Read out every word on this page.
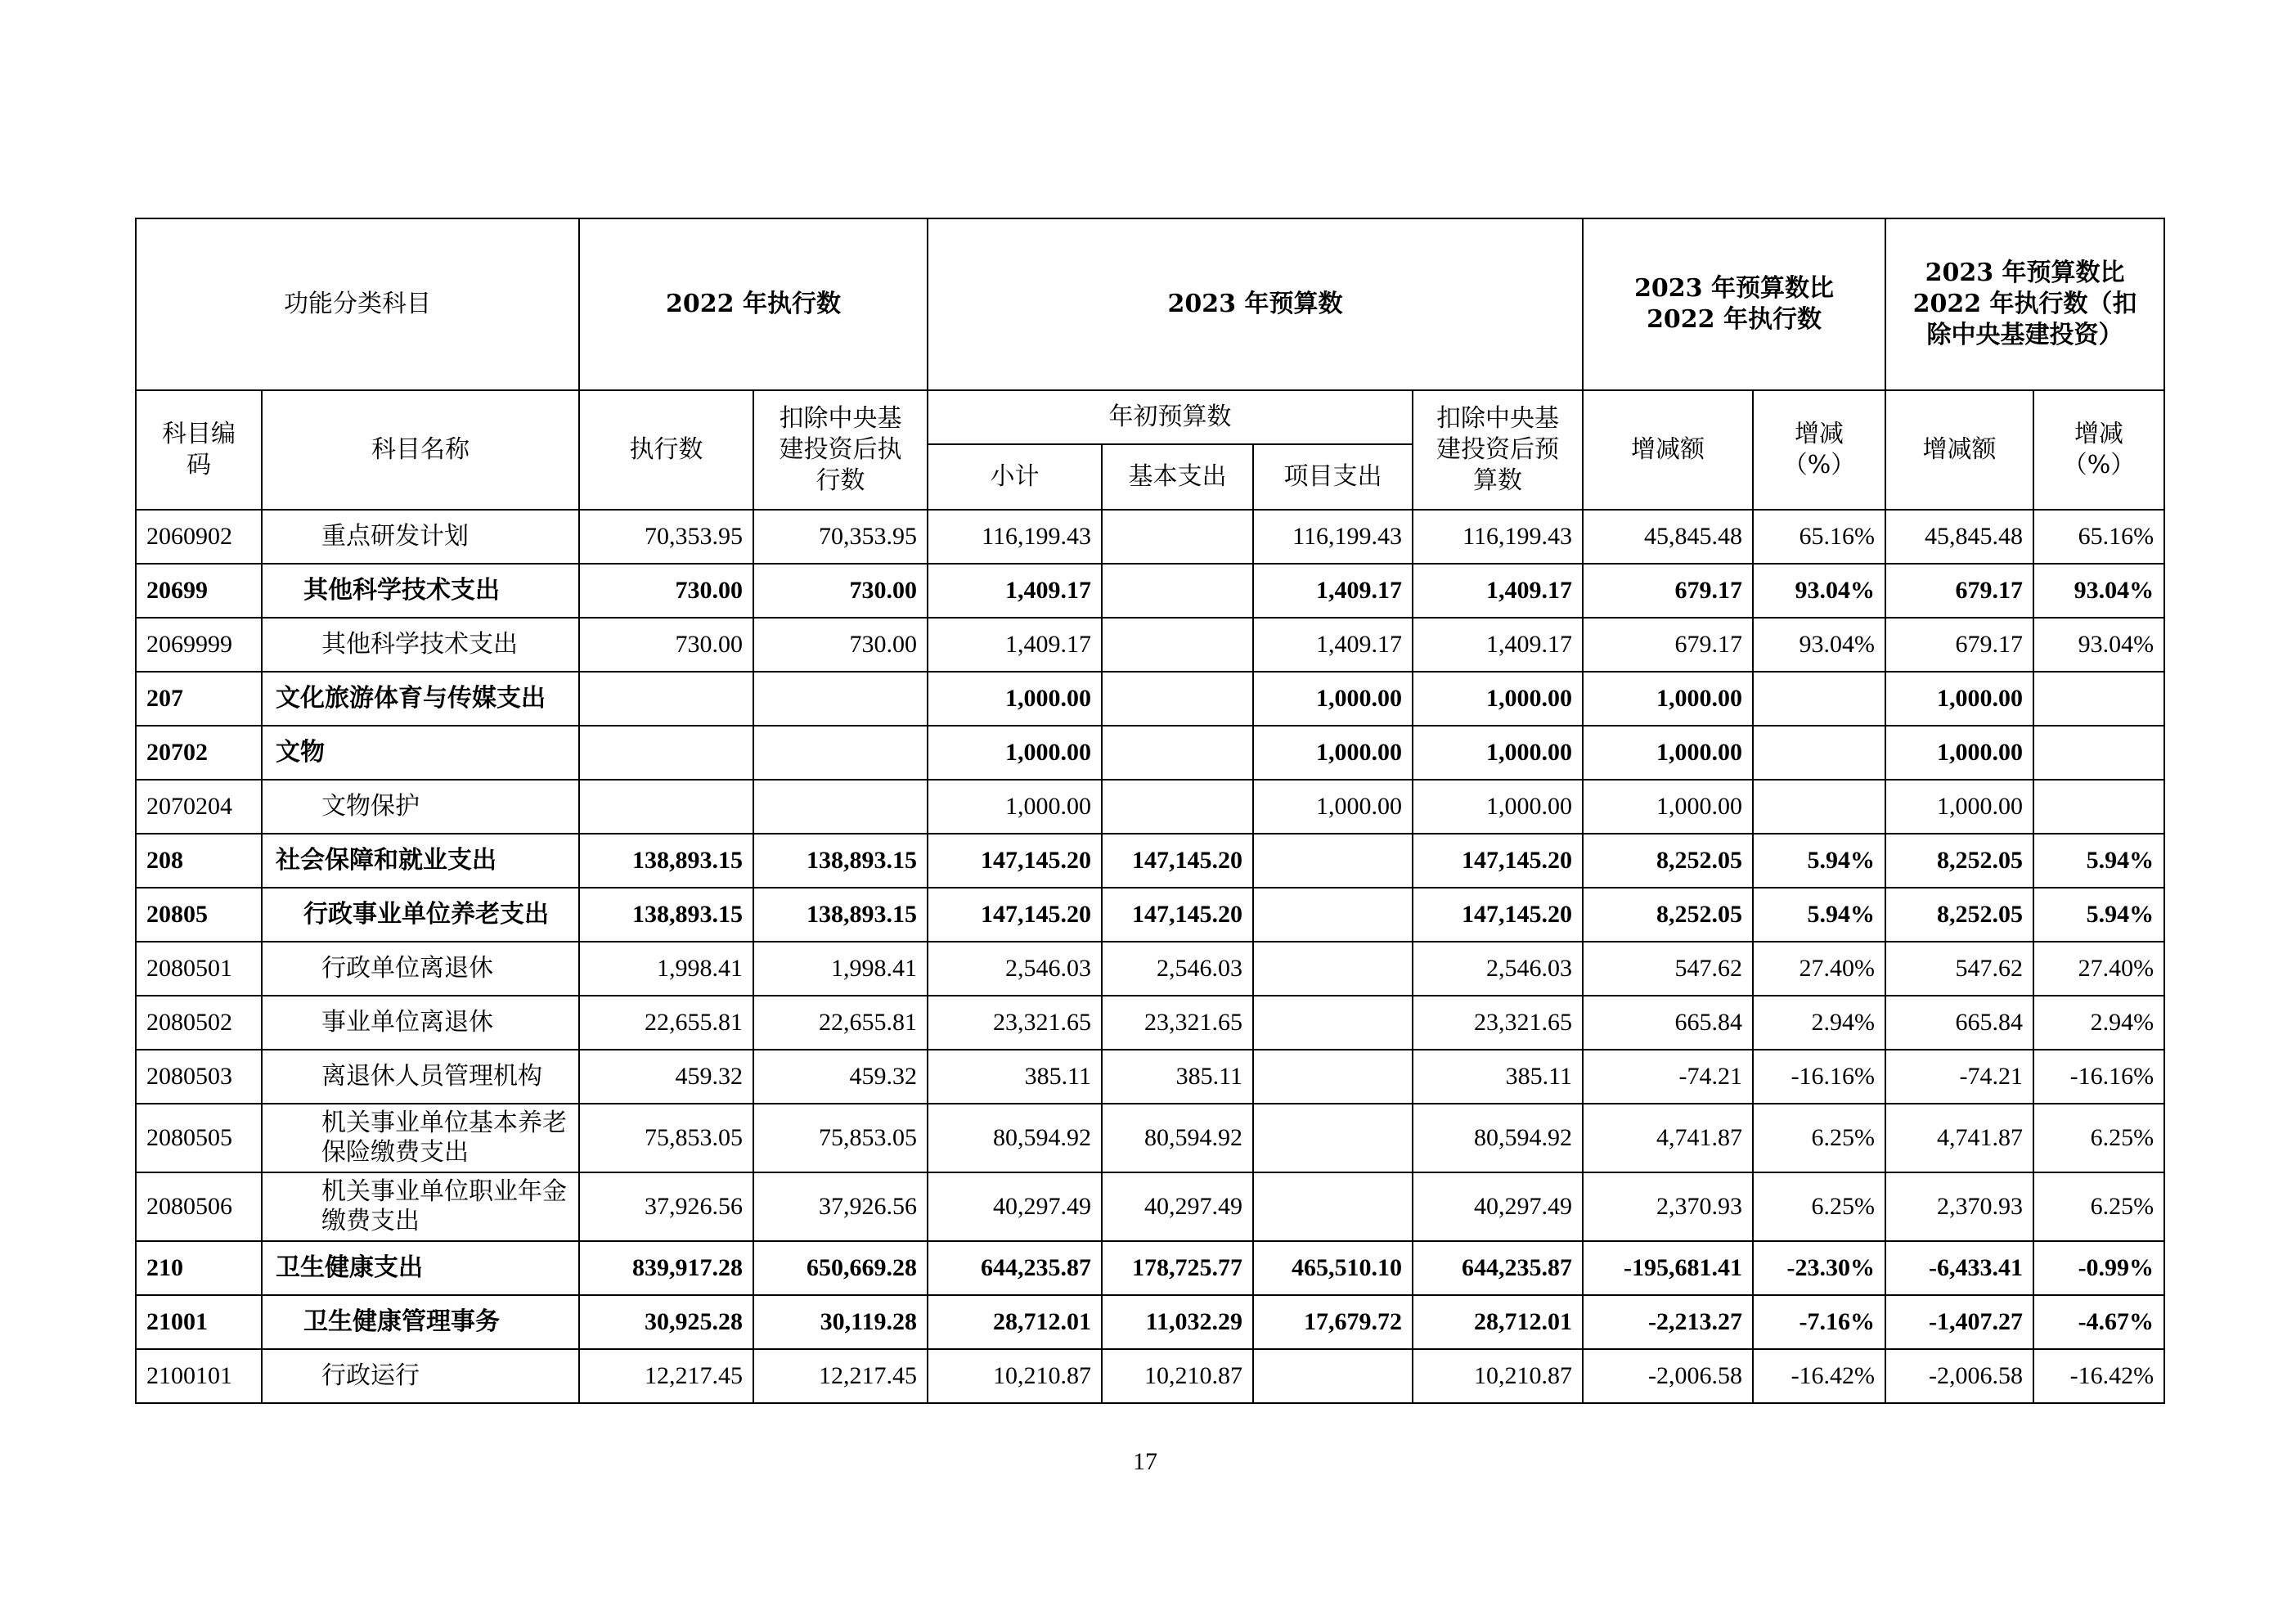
功能分类科目		2022 年执行数		2023 年预算数				2023 年预算数比 2022 年执行数		2023 年预算数比 2022 年执行数（扣除中央基建投资）	
科目编码	科目名称	执行数	扣除中央基建投资后执行数	年初预算数			扣除中央基建投资后预算数	增减额	增减（%）	增减额	增减（%）
				小计	基本支出	项目支出					
2060902	重点研发计划	70,353.95	70,353.95	116,199.43		116,199.43	116,199.43	45,845.48	65.16%	45,845.48	65.16%
20699	其他科学技术支出	730.00	730.00	1,409.17		1,409.17	1,409.17	679.17	93.04%	679.17	93.04%
2069999	其他科学技术支出	730.00	730.00	1,409.17		1,409.17	1,409.17	679.17	93.04%	679.17	93.04%
207	文化旅游体育与传媒支出			1,000.00		1,000.00	1,000.00	1,000.00		1,000.00	
20702	文物			1,000.00		1,000.00	1,000.00	1,000.00		1,000.00	
2070204	文物保护			1,000.00		1,000.00	1,000.00	1,000.00		1,000.00	
208	社会保障和就业支出	138,893.15	138,893.15	147,145.20	147,145.20		147,145.20	8,252.05	5.94%	8,252.05	5.94%
20805	行政事业单位养老支出	138,893.15	138,893.15	147,145.20	147,145.20		147,145.20	8,252.05	5.94%	8,252.05	5.94%
2080501	行政单位离退休	1,998.41	1,998.41	2,546.03	2,546.03		2,546.03	547.62	27.40%	547.62	27.40%
2080502	事业单位离退休	22,655.81	22,655.81	23,321.65	23,321.65		23,321.65	665.84	2.94%	665.84	2.94%
2080503	离退休人员管理机构	459.32	459.32	385.11	385.11		385.11	-74.21	-16.16%	-74.21	-16.16%
2080505	机关事业单位基本养老保险缴费支出	75,853.05	75,853.05	80,594.92	80,594.92		80,594.92	4,741.87	6.25%	4,741.87	6.25%
2080506	机关事业单位职业年金缴费支出	37,926.56	37,926.56	40,297.49	40,297.49		40,297.49	2,370.93	6.25%	2,370.93	6.25%
210	卫生健康支出	839,917.28	650,669.28	644,235.87	178,725.77	465,510.10	644,235.87	-195,681.41	-23.30%	-6,433.41	-0.99%
21001	卫生健康管理事务	30,925.28	30,119.28	28,712.01	11,032.29	17,679.72	28,712.01	-2,213.27	-7.16%	-1,407.27	-4.67%
2100101	行政运行	12,217.45	12,217.45	10,210.87	10,210.87		10,210.87	-2,006.58	-16.42%	-2,006.58	-16.42%
17
